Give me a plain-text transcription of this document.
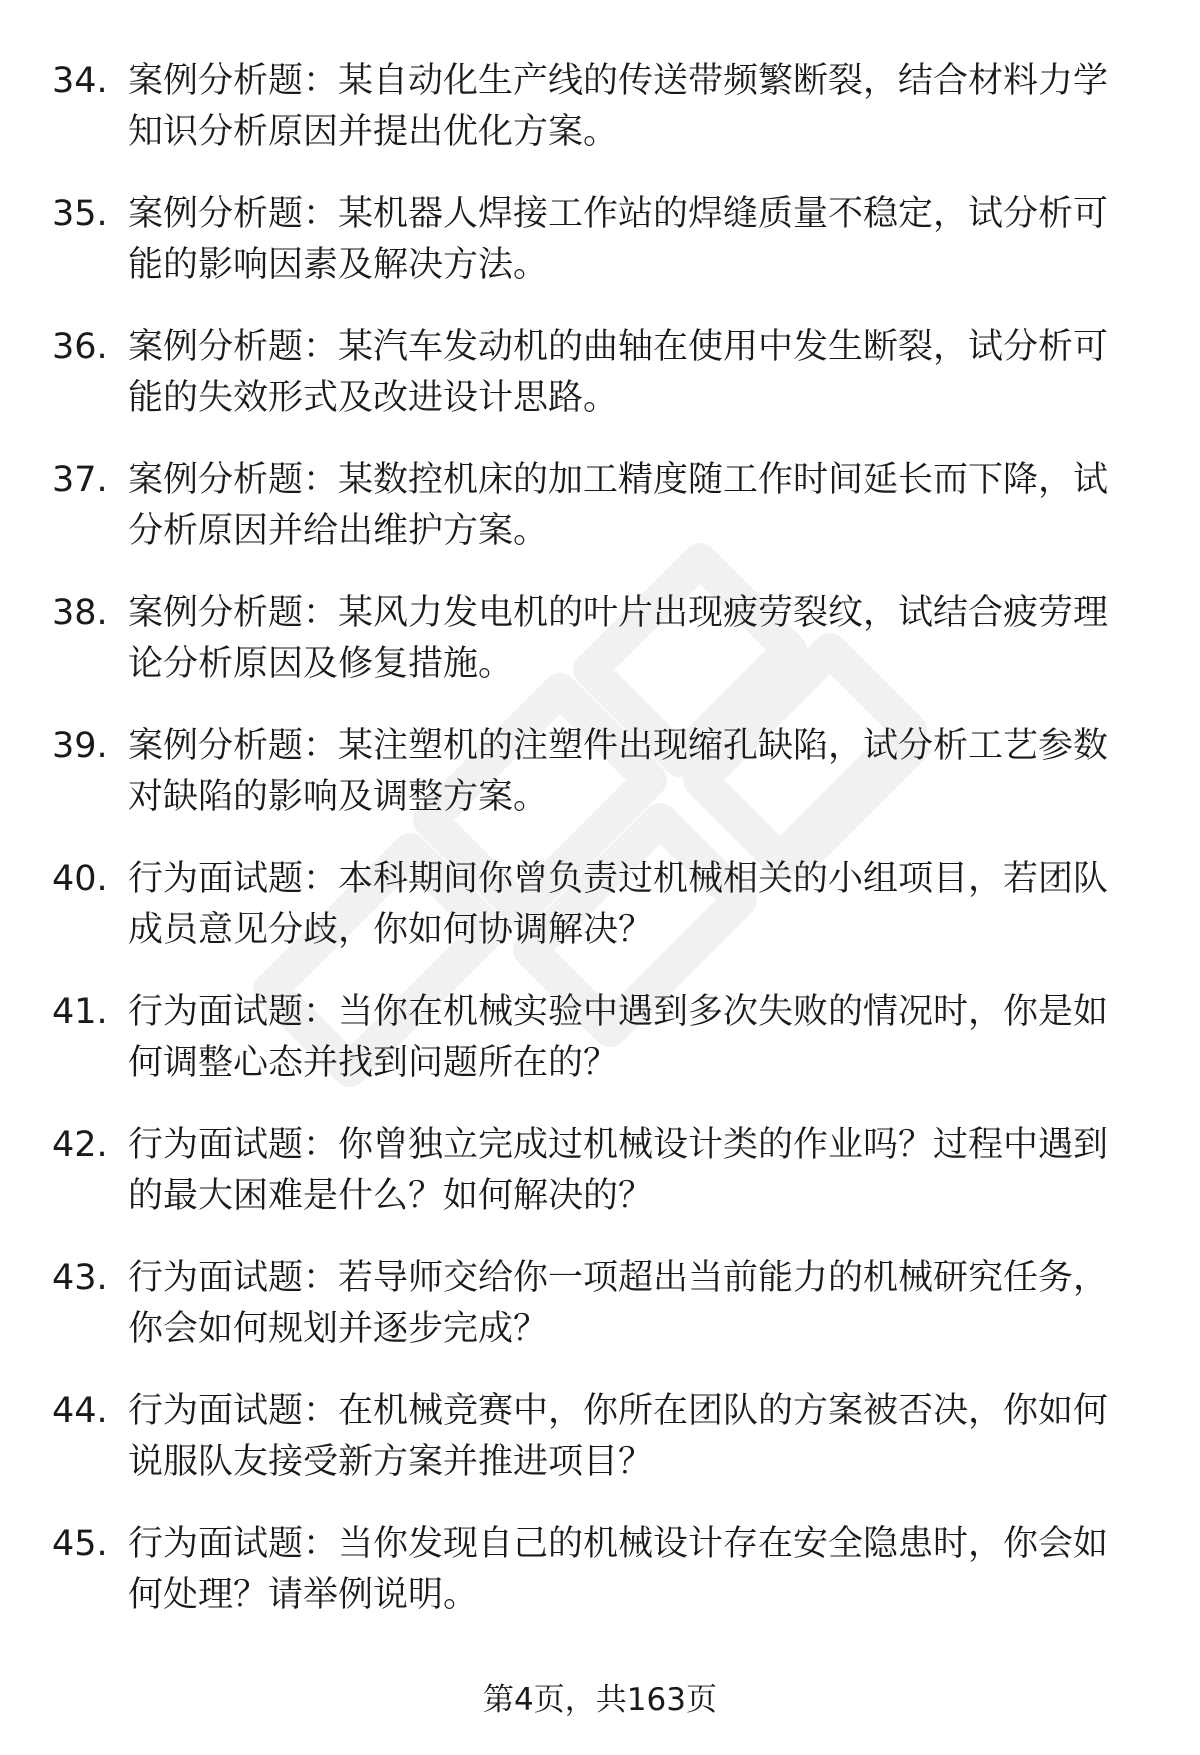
34. 案例分析题：某自动化生产线的传送带频繁断裂，结合材料力学
知识分析原因并提出优化方案。
35. 案例分析题：某机器人焊接工作站的焊缝质量不稳定，试分析可
能的影响因素及解决方法。
36. 案例分析题：某汽车发动机的曲轴在使用中发生断裂，试分析可
能的失效形式及改进设计思路。
37. 案例分析题：某数控机床的加工精度随工作时间延长而下降，试
分析原因并给出维护方案。
38. 案例分析题：某风力发电机的叶片出现疲劳裂纹，试结合疲劳理
论分析原因及修复措施。
39. 案例分析题：某注塑机的注塑件出现缩孔缺陷，试分析工艺参数
对缺陷的影响及调整方案。
40. 行为面试题：本科期间你曾负责过机械相关的小组项目，若团队
成员意见分歧，你如何协调解决？
41. 行为面试题：当你在机械实验中遇到多次失败的情况时，你是如
何调整心态并找到问题所在的？
42. 行为面试题：你曾独立完成过机械设计类的作业吗？过程中遇到
的最大困难是什么？如何解决的？
43. 行为面试题：若导师交给你一项超出当前能力的机械研究任务，
你会如何规划并逐步完成？
44. 行为面试题：在机械竞赛中，你所在团队的方案被否决，你如何
说服队友接受新方案并推进项目？
45. 行为面试题：当你发现自己的机械设计存在安全隐患时，你会如
何处理？请举例说明。
第4页，共163页
